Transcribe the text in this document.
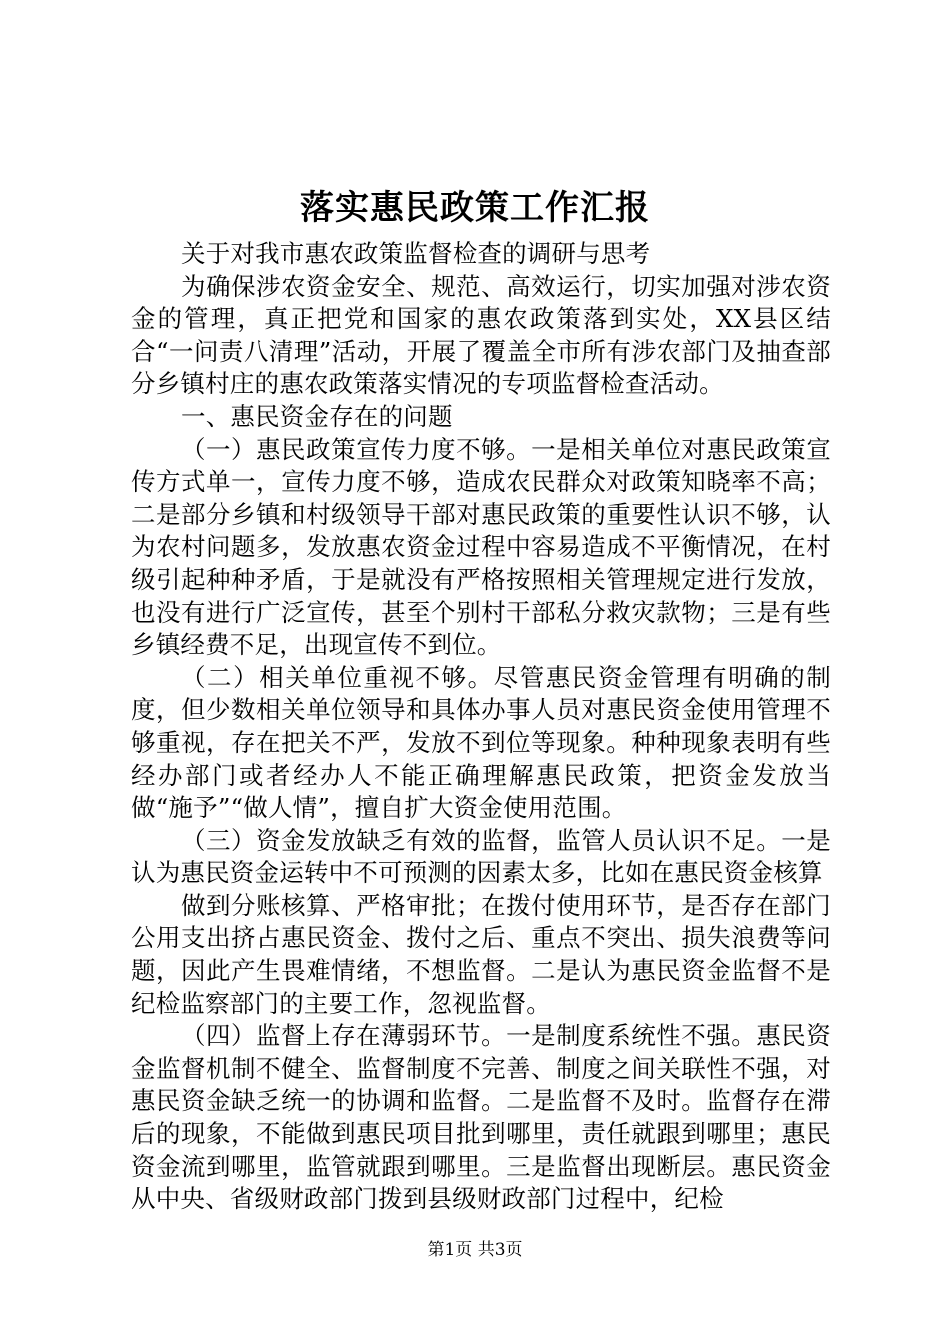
落实惠民政策工作汇报

关于对我市惠农政策监督检查的调研与思考

为确保涉农资金安全、规范、高效运行，切实加强对涉农资金的管理，真正把党和国家的惠农政策落到实处，XX县区结合“一问责八清理”活动，开展了覆盖全市所有涉农部门及抽查部分乡镇村庄的惠农政策落实情况的专项监督检查活动。

一、惠民资金存在的问题

（一）惠民政策宣传力度不够。一是相关单位对惠民政策宣传方式单一，宣传力度不够，造成农民群众对政策知晓率不高；二是部分乡镇和村级领导干部对惠民政策的重要性认识不够，认为农村问题多，发放惠农资金过程中容易造成不平衡情况，在村级引起种种矛盾，于是就没有严格按照相关管理规定进行发放，也没有进行广泛宣传，甚至个别村干部私分救灾款物；三是有些乡镇经费不足，出现宣传不到位。

（二）相关单位重视不够。尽管惠民资金管理有明确的制度，但少数相关单位领导和具体办事人员对惠民资金使用管理不够重视，存在把关不严，发放不到位等现象。种种现象表明有些经办部门或者经办人不能正确理解惠民政策，把资金发放当做“施予”“做人情”，擅自扩大资金使用范围。

（三）资金发放缺乏有效的监督，监管人员认识不足。一是认为惠民资金运转中不可预测的因素太多，比如在惠民资金核算

做到分账核算、严格审批；在拨付使用环节，是否存在部门公用支出挤占惠民资金、拨付之后、重点不突出、损失浪费等问题，因此产生畏难情绪，不想监督。二是认为惠民资金监督不是纪检监察部门的主要工作，忽视监督。

（四）监督上存在薄弱环节。一是制度系统性不强。惠民资金监督机制不健全、监督制度不完善、制度之间关联性不强，对惠民资金缺乏统一的协调和监督。二是监督不及时。监督存在滞后的现象，不能做到惠民项目批到哪里，责任就跟到哪里；惠民资金流到哪里，监管就跟到哪里。三是监督出现断层。惠民资金从中央、省级财政部门拨到县级财政部门过程中，纪检

第1页 共3页
